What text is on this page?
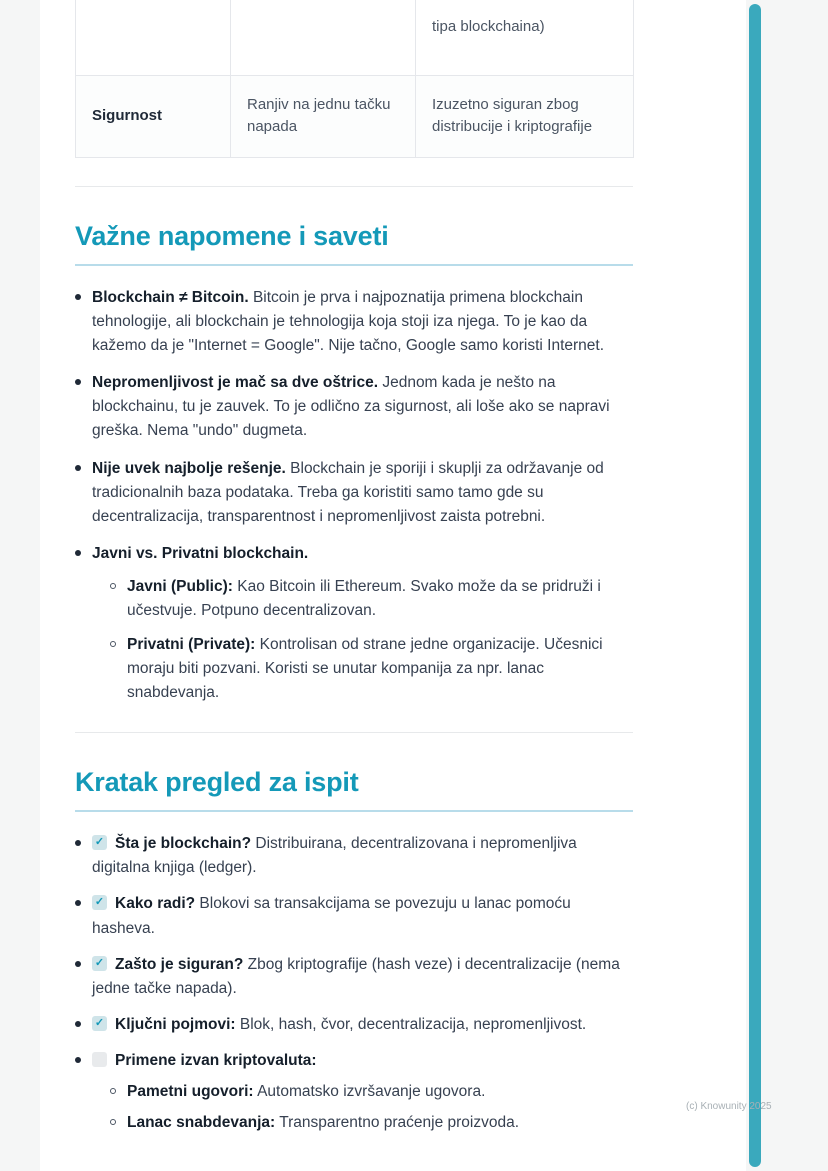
		tipa blockchaina)
Sigurnost	Ranjiv na jednu tačku napada	Izuzetno siguran zbog distribucije i kriptografije
Važne napomene i saveti
Blockchain ≠ Bitcoin. Bitcoin je prva i najpoznatija primena blockchain tehnologije, ali blockchain je tehnologija koja stoji iza njega. To je kao da kažemo da je "Internet = Google". Nije tačno, Google samo koristi Internet.
Nepromenljivost je mač sa dve oštrice. Jednom kada je nešto na blockchainu, tu je zauvek. To je odlično za sigurnost, ali loše ako se napravi greška. Nema "undo" dugmeta.
Nije uvek najbolje rešenje. Blockchain je sporiji i skuplji za održavanje od tradicionalnih baza podataka. Treba ga koristiti samo tamo gde su decentralizacija, transparentnost i nepromenljivost zaista potrebni.
Javni vs. Privatni blockchain.
Javni (Public): Kao Bitcoin ili Ethereum. Svako može da se pridruži i učestvuje. Potpuno decentralizovan.
Privatni (Private): Kontrolisan od strane jedne organizacije. Učesnici moraju biti pozvani. Koristi se unutar kompanija za npr. lanac snabdevanja.
Kratak pregled za ispit
✓Šta je blockchain? Distribuirana, decentralizovana i nepromenljiva digitalna knjiga (ledger).
✓Kako radi? Blokovi sa transakcijama se povezuju u lanac pomoću hasheva.
✓Zašto je siguran? Zbog kriptografije (hash veze) i decentralizacije (nema jedne tačke napada).
✓Ključni pojmovi: Blok, hash, čvor, decentralizacija, nepromenljivost.
Primene izvan kriptovaluta:
Pametni ugovori: Automatsko izvršavanje ugovora.
Lanac snabdevanja: Transparentno praćenje proizvoda.
(c) Knowunity 2025
